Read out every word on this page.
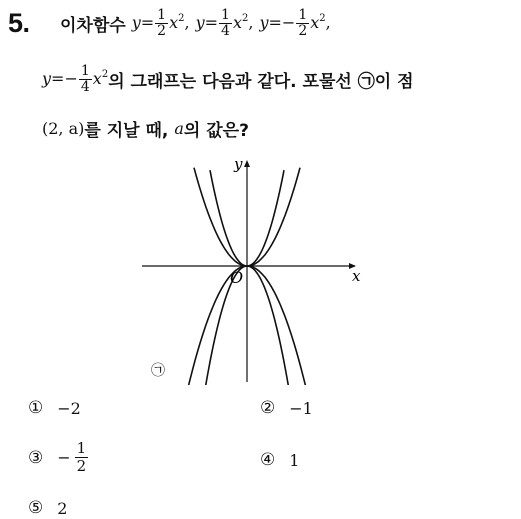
5. 이차함수 $y= \frac{1}{2} x^2$, $y= \frac{1}{4} x^2$, $y=- \frac{1}{2} x^2$,
$y=- \frac{1}{4} x^2$ 의 그래프는 다음과 같다. 포물선 ㉠이 점
(2, a) 를 지날 때, a 의 값은?
x
y
O
㉠
① −2	② −1
③ − $\frac{1}{2}$	④ 1
⑤ 2
